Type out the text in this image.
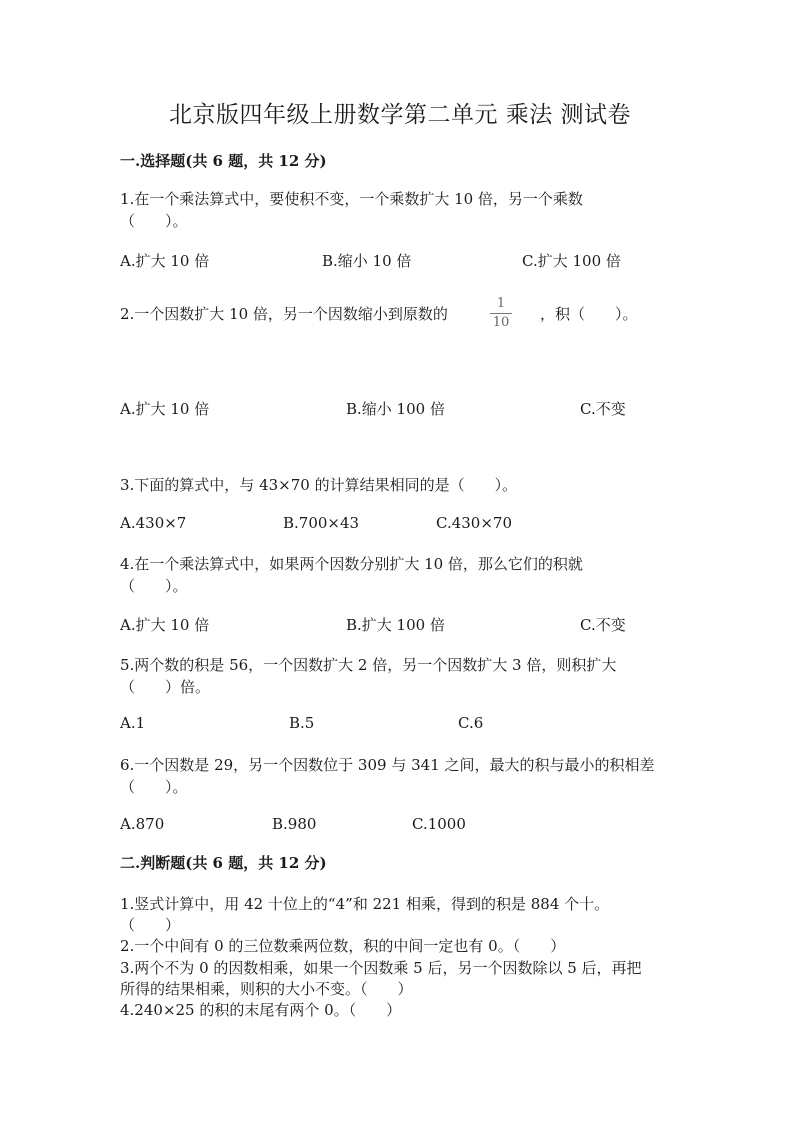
北京版四年级上册数学第二单元 乘法 测试卷
一.选择题(共 6 题，共 12 分)
1.在一个乘法算式中，要使积不变，一个乘数扩大 10 倍，另一个乘数
（　　）。
A.扩大 10 倍	B.缩小 10 倍	C.扩大 100 倍
2.一个因数扩大 10 倍，另一个因数缩小到原数的
1
10 ，积（　　）。
A.扩大 10 倍	B.缩小 100 倍	C.不变
3.下面的算式中，与 43×70 的计算结果相同的是（　　）。
A.430×7	B.700×43	C.430×70
4.在一个乘法算式中，如果两个因数分别扩大 10 倍，那么它们的积就
（　　）。
A.扩大 10 倍	B.扩大 100 倍	C.不变
5.两个数的积是 56，一个因数扩大 2 倍，另一个因数扩大 3 倍，则积扩大
（　　）倍。
A.1	B.5	C.6
6.一个因数是 29，另一个因数位于 309 与 341 之间，最大的积与最小的积相差
（　　）。
A.870	B.980	C.1000
二.判断题(共 6 题，共 12 分)
1.竖式计算中，用 42 十位上的“4”和 221 相乘，得到的积是 884 个十。
（　　）
2.一个中间有 0 的三位数乘两位数，积的中间一定也有 0。（　　）
3.两个不为 0 的因数相乘，如果一个因数乘 5 后，另一个因数除以 5 后，再把
所得的结果相乘，则积的大小不变。（　　）
4.240×25 的积的末尾有两个 0。（　　）
